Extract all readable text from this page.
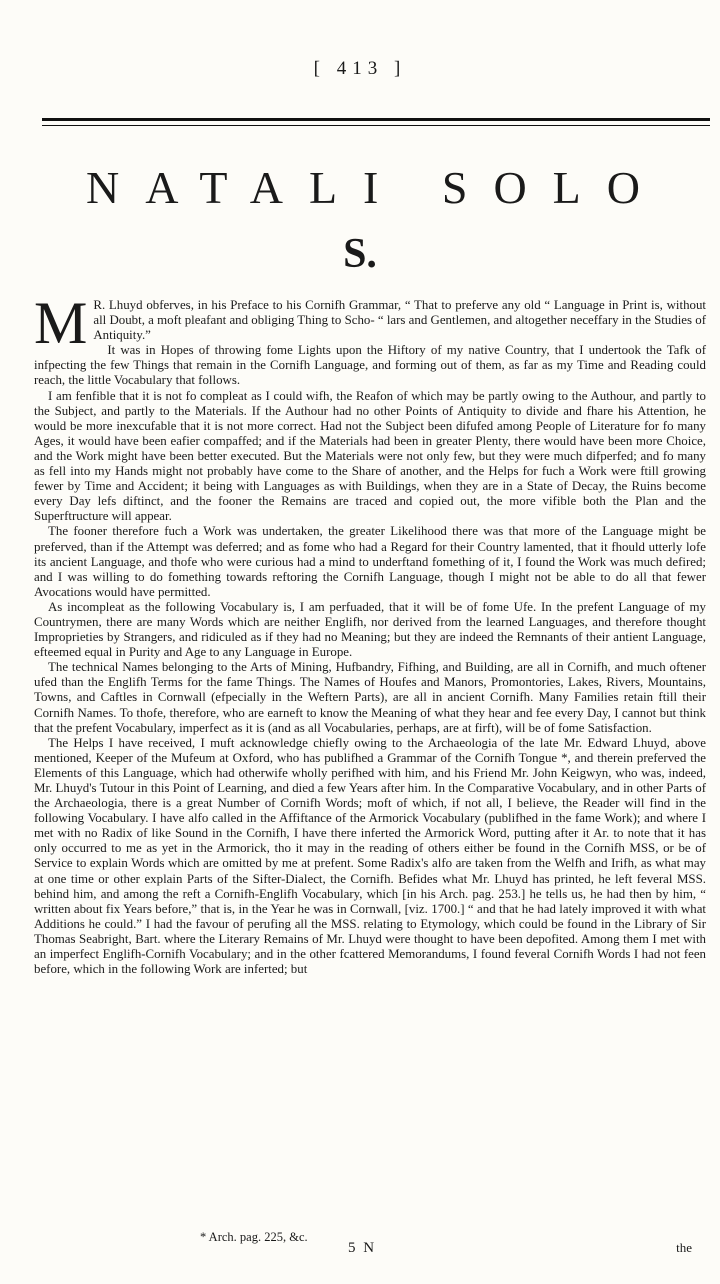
[ 413 ]
NATALI SOLO
S.

M R. Lhuyd obferves, in his Preface to his Cornifh Grammar, “ That to preferve any old “ Language in Print is, without all Doubt, a moft pleafant and obliging Thing to Scho- “ lars and Gentlemen, and altogether neceffary in the Studies of Antiquity.”

It was in Hopes of throwing fome Lights upon the Hiftory of my native Country, that I undertook the Tafk of infpecting the few Things that remain in the Cornifh Language, and forming out of them, as far as my Time and Reading could reach, the little Vocabulary that follows.

I am fenfible that it is not fo compleat as I could wifh, the Reafon of which may be partly owing to the Authour, and partly to the Subject, and partly to the Materials. If the Authour had no other Points of Antiquity to divide and fhare his Attention, he would be more inexcufable that it is not more correct. Had not the Subject been difufed among People of Literature for fo many Ages, it would have been eafier compaffed; and if the Materials had been in greater Plenty, there would have been more Choice, and the Work might have been better executed. But the Materials were not only few, but they were much difperfed; and fo many as fell into my Hands might not probably have come to the Share of another, and the Helps for fuch a Work were ftill growing fewer by Time and Accident; it being with Languages as with Buildings, when they are in a State of Decay, the Ruins become every Day lefs diftinct, and the fooner the Remains are traced and copied out, the more vifible both the Plan and the Superftructure will appear.

The fooner therefore fuch a Work was undertaken, the greater Likelihood there was that more of the Language might be preferved, than if the Attempt was deferred; and as fome who had a Regard for their Country lamented, that it fhould utterly lofe its ancient Language, and thofe who were curious had a mind to underftand fomething of it, I found the Work was much defired; and I was willing to do fomething towards reftoring the Cornifh Language, though I might not be able to do all that fewer Avocations would have permitted.

As incompleat as the following Vocabulary is, I am perfuaded, that it will be of fome Ufe. In the prefent Language of my Countrymen, there are many Words which are neither Englifh, nor derived from the learned Languages, and therefore thought Improprieties by Strangers, and ridiculed as if they had no Meaning; but they are indeed the Remnants of their antient Language, efteemed equal in Purity and Age to any Language in Europe.

The technical Names belonging to the Arts of Mining, Hufbandry, Fifhing, and Building, are all in Cornifh, and much oftener ufed than the Englifh Terms for the fame Things. The Names of Houfes and Manors, Promontories, Lakes, Rivers, Mountains, Towns, and Caftles in Cornwall (efpecially in the Weftern Parts), are all in ancient Cornifh. Many Families retain ftill their Cornifh Names. To thofe, therefore, who are earneft to know the Meaning of what they hear and fee every Day, I cannot but think that the prefent Vocabulary, imperfect as it is (and as all Vocabularies, perhaps, are at firft), will be of fome Satisfaction.

The Helps I have received, I muft acknowledge chiefly owing to the Archaeologia of the late Mr. Edward Lhuyd, above mentioned, Keeper of the Mufeum at Oxford, who has publifhed a Grammar of the Cornifh Tongue *, and therein preferved the Elements of this Language, which had otherwife wholly perifhed with him, and his Friend Mr. John Keigwyn, who was, indeed, Mr. Lhuyd's Tutour in this Point of Learning, and died a few Years after him. In the Comparative Vocabulary, and in other Parts of the Archaeologia, there is a great Number of Cornifh Words; moft of which, if not all, I believe, the Reader will find in the following Vocabulary. I have alfo called in the Affiftance of the Armorick Vocabulary (publifhed in the fame Work); and where I met with no Radix of like Sound in the Cornifh, I have there inferted the Armorick Word, putting after it Ar. to note that it has only occurred to me as yet in the Armorick, tho it may in the reading of others either be found in the Cornifh MSS, or be of Service to explain Words which are omitted by me at prefent. Some Radix's alfo are taken from the Welfh and Irifh, as what may at one time or other explain Parts of the Sifter-Dialect, the Cornifh. Befides what Mr. Lhuyd has printed, he left feveral MSS. behind him, and among the reft a Cornifh-Englifh Vocabulary, which [in his Arch. pag. 253.] he tells us, he had then by him, “ written about fix Years before,” that is, in the Year he was in Cornwall, [viz. 1700.] “ and that he had lately improved it with what Additions he could.” I had the favour of perufing all the MSS. relating to Etymology, which could be found in the Library of Sir Thomas Seabright, Bart. where the Literary Remains of Mr. Lhuyd were thought to have been depofited. Among them I met with an imperfect Englifh-Cornifh Vocabulary; and in the other fcattered Memorandums, I found feveral Cornifh Words I had not feen before, which in the following Work are inferted; but

* Arch. pag. 225, &c.
5 N	the
